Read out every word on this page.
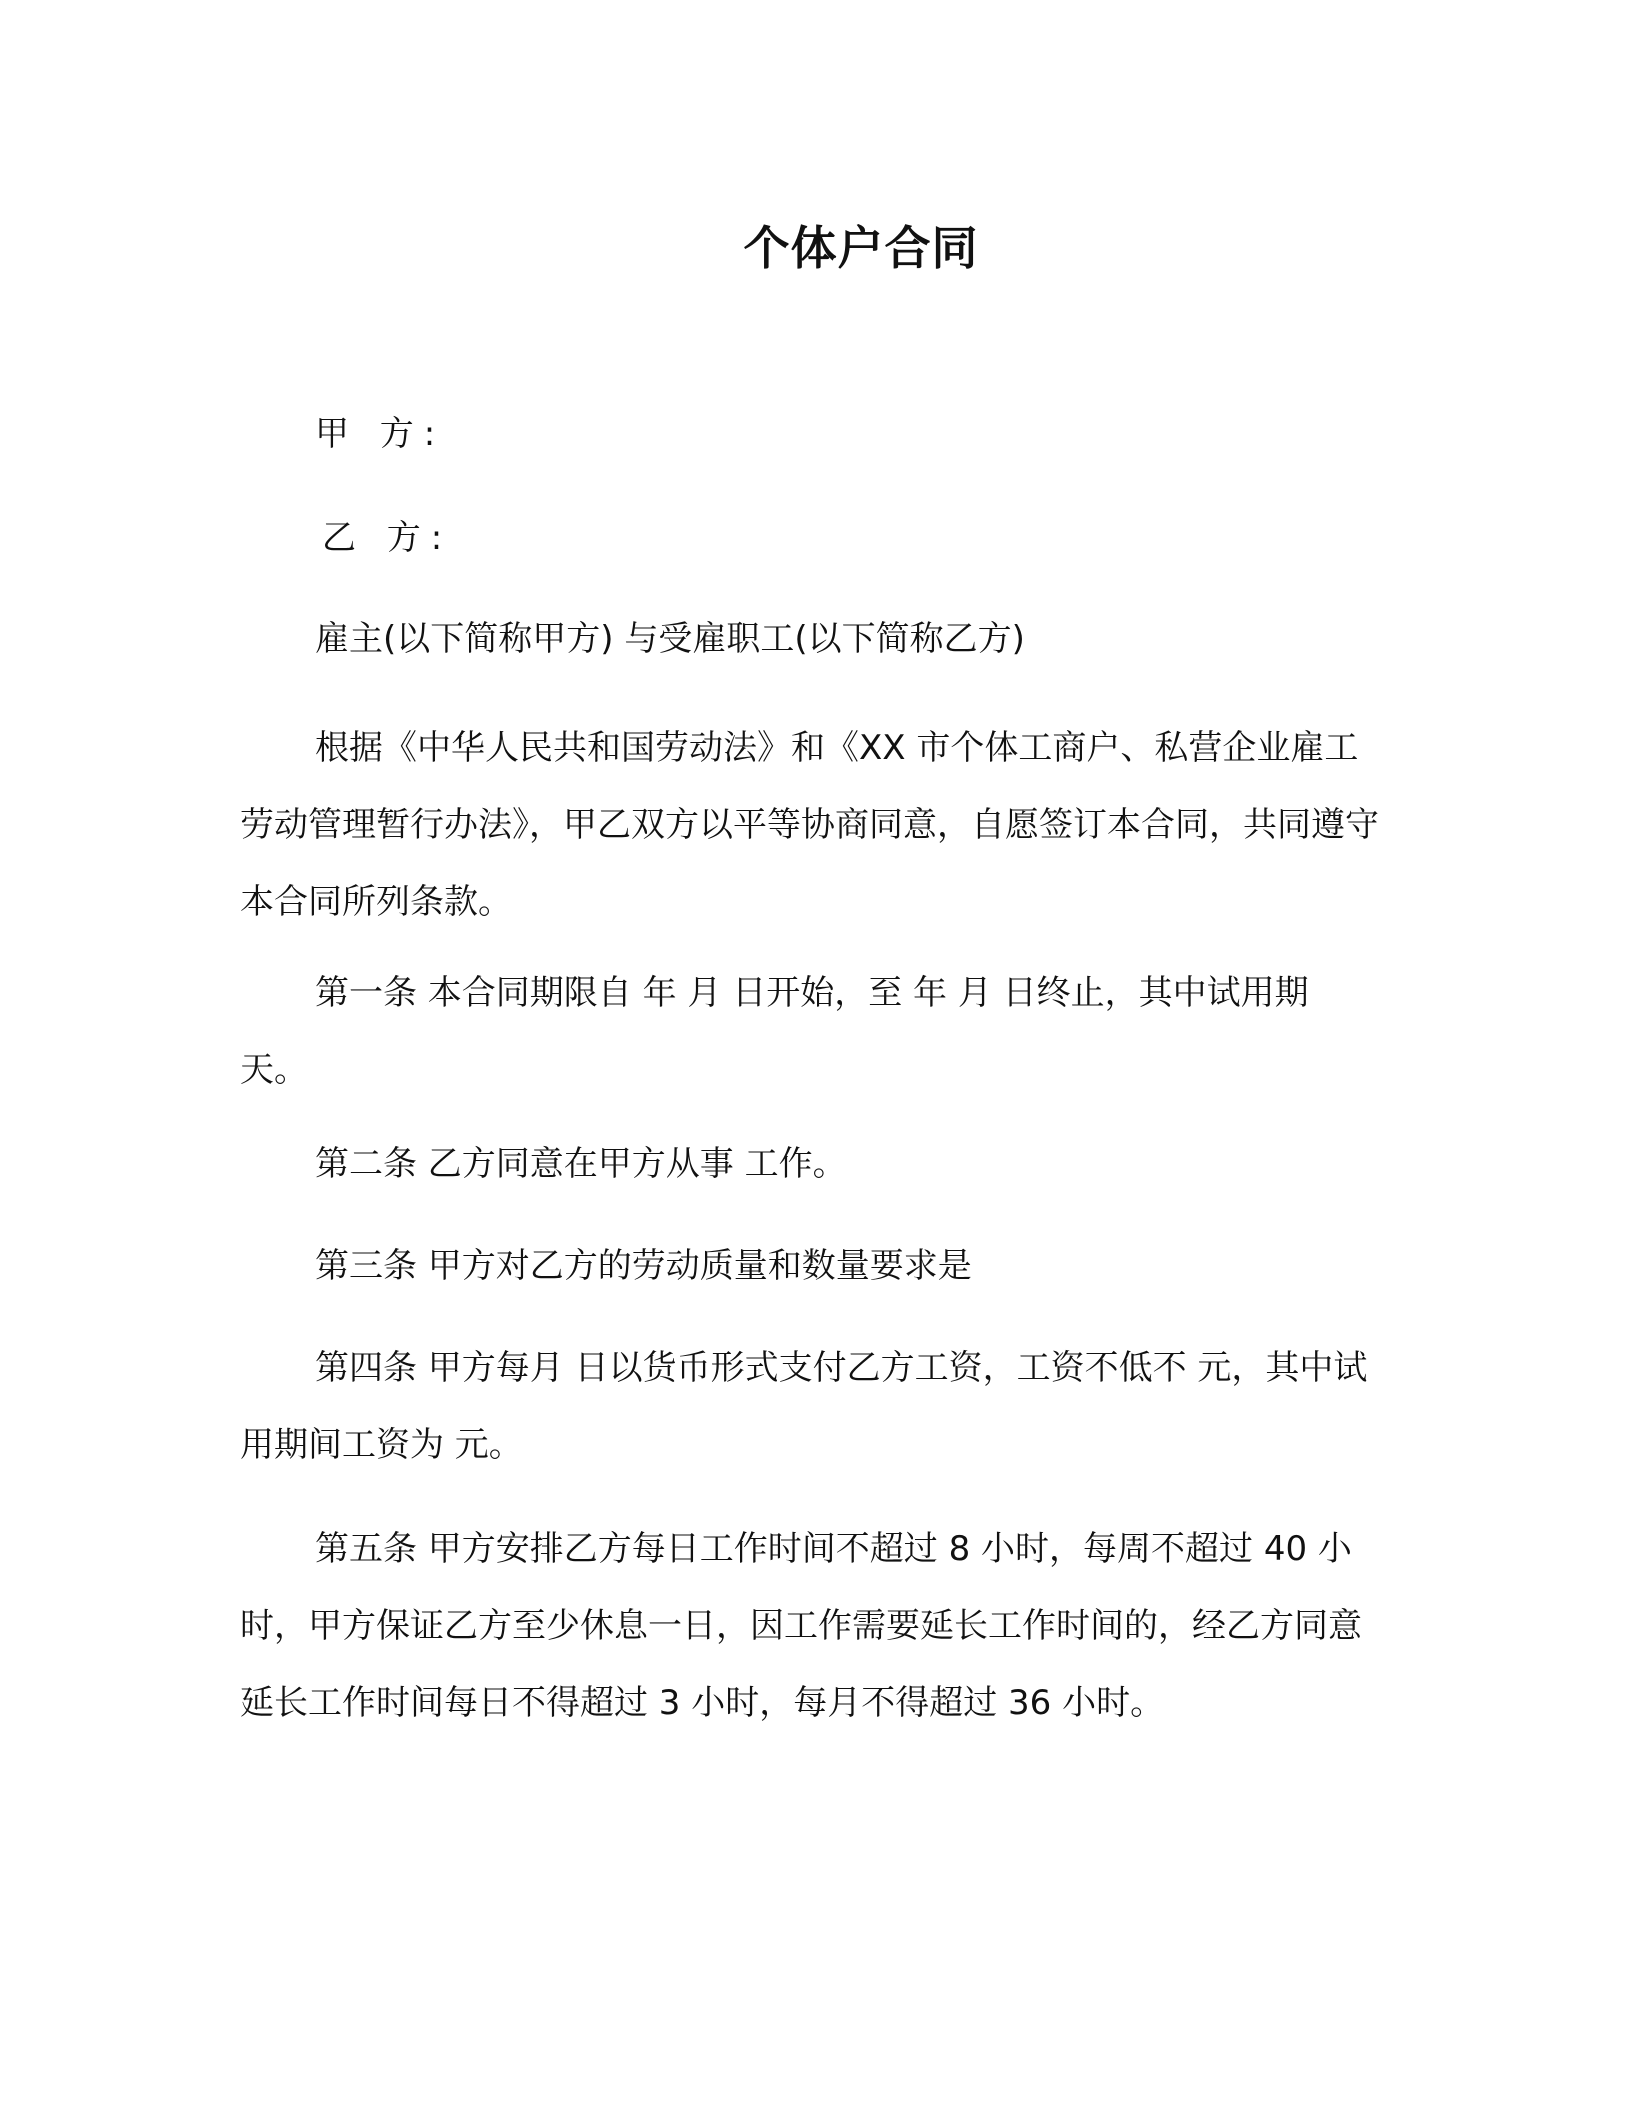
个体户合同

甲 方:

乙 方:

雇主(以下简称甲方) 与受雇职工(以下简称乙方)

根据《中华人民共和国劳动法》和《XX 市个体工商户、私营企业雇工劳动管理暂行办法》，甲乙双方以平等协商同意，自愿签订本合同，共同遵守本合同所列条款。

第一条 本合同期限自 年 月 日开始，至 年 月 日终止，其中试用期 天。

第二条 乙方同意在甲方从事 工作。

第三条 甲方对乙方的劳动质量和数量要求是

第四条 甲方每月 日以货币形式支付乙方工资，工资不低不 元，其中试用期间工资为 元。

第五条 甲方安排乙方每日工作时间不超过 8 小时，每周不超过 40 小时，甲方保证乙方至少休息一日，因工作需要延长工作时间的，经乙方同意延长工作时间每日不得超过 3 小时，每月不得超过 36 小时。
